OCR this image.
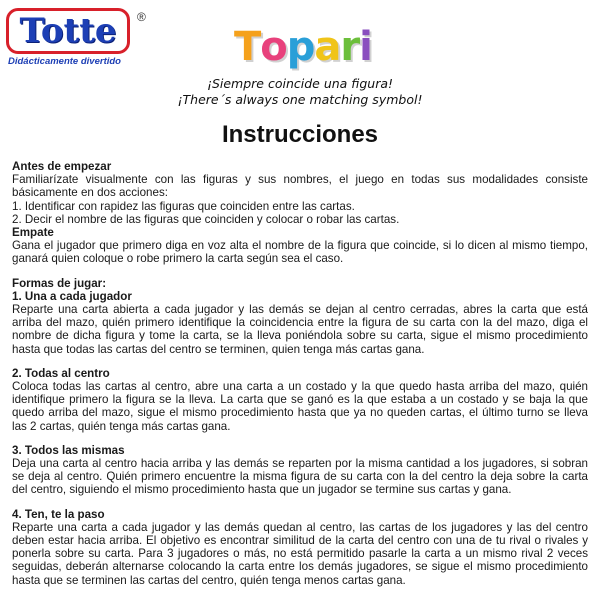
Totte ®
Didácticamente divertido	T o p a r i
¡Siempre coincide una figura!
¡There´s always one matching symbol!
Instrucciones
Antes de empezar
Familiarízate visualmente con las figuras y sus nombres, el juego en todas sus modalidades consiste básicamente en dos acciones:
1. Identificar con rapidez las figuras que coinciden entre las cartas.
2. Decir el nombre de las figuras que coinciden y colocar o robar las cartas.
Empate
Gana el jugador que primero diga en voz alta el nombre de la figura que coincide, si lo dicen al mismo tiempo, ganará quien coloque o robe primero la carta según sea el caso.
Formas de jugar:
1. Una a cada jugador
Reparte una carta abierta a cada jugador y las demás se dejan al centro cerradas, abres la carta que está arriba del mazo, quién primero identifique la coincidencia entre la figura de su carta con la del mazo, diga el nombre de dicha figura y tome la carta, se la lleva poniéndola sobre su carta, sigue el mismo procedimiento hasta que todas las cartas del centro se terminen, quien tenga más cartas gana.
2. Todas al centro
Coloca todas las cartas al centro, abre una carta a un costado y la que quedo hasta arriba del mazo, quién identifique primero la figura se la lleva. La carta que se ganó es la que estaba a un costado y se baja la que quedo arriba del mazo, sigue el mismo procedimiento hasta que ya no queden cartas, el último turno se lleva las 2 cartas, quién tenga más cartas gana.
3. Todos las mismas
Deja una carta al centro hacia arriba y las demás se reparten por la misma cantidad a los jugadores, si sobran se deja al centro. Quién primero encuentre la misma figura de su carta con la del centro la deja sobre la carta del centro, siguiendo el mismo procedimiento hasta que un jugador se termine sus cartas y gana.
4. Ten, te la paso
Reparte una carta a cada jugador y las demás quedan al centro, las cartas de los jugadores y las del centro deben estar hacia arriba. El objetivo es encontrar similitud de la carta del centro con una de tu rival o rivales y ponerla sobre su carta. Para 3 jugadores o más, no está permitido pasarle la carta a un mismo rival 2 veces seguidas, deberán alternarse colocando la carta entre los demás jugadores, se sigue el mismo procedimiento hasta que se terminen las cartas del centro, quién tenga menos cartas gana.
